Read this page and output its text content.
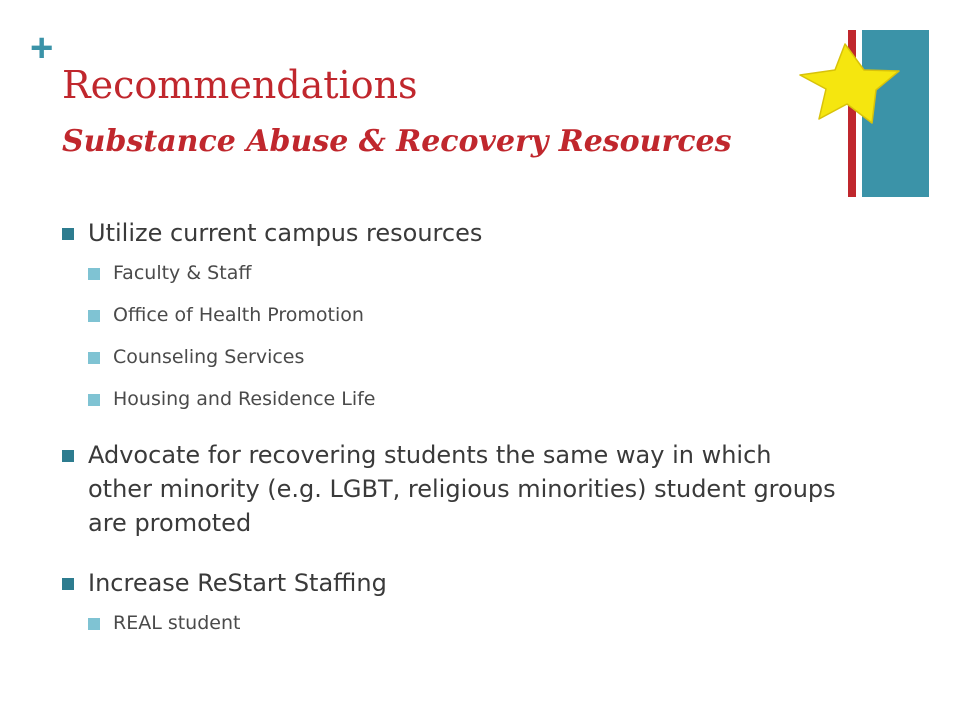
+
Recommendations
Substance Abuse & Recovery Resources
Utilize current campus resources
Faculty & Staff
Office of Health Promotion
Counseling Services
Housing and Residence Life
Advocate for recovering students the same way in which other minority (e.g. LGBT, religious minorities) student groups are promoted
Increase ReStart Staffing
REAL student
